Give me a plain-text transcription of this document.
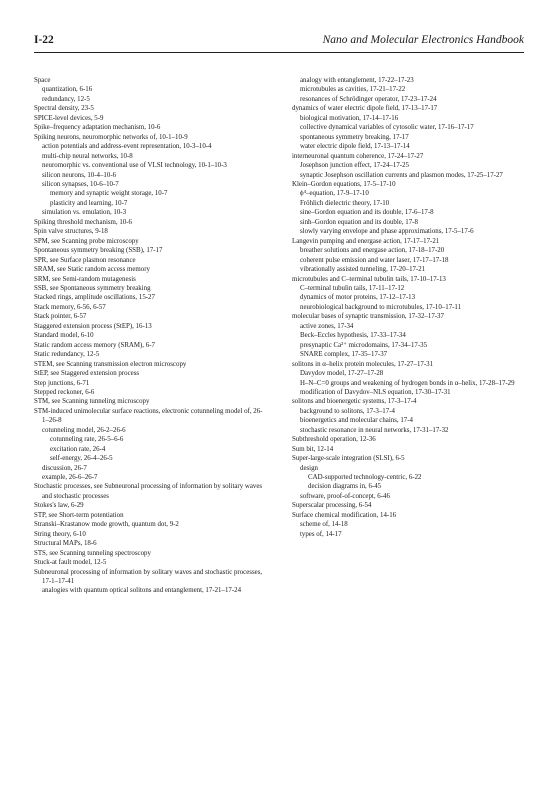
I-22	Nano and Molecular Electronics Handbook
Space
quantization, 6-16
redundancy, 12-5
Spectral density, 23-5
SPICE-level devices, 5-9
Spike–frequency adaptation mechanism, 10-6
Spiking neurons, neuromorphic networks of, 10-1–10-9
action potentials and address-event representation, 10-3–10-4
multi-chip neural networks, 10-8
neuromorphic vs. conventional use of VLSI technology, 10-1–10-3
silicon neurons, 10-4–10-6
silicon synapses, 10-6–10-7
memory and synaptic weight storage, 10-7
plasticity and learning, 10-7
simulation vs. emulation, 10-3
Spiking threshold mechanism, 10-6
Spin valve structures, 9-18
SPM, see Scanning probe microscopy
Spontaneous symmetry breaking (SSB), 17-17
SPR, see Surface plasmon resonance
SRAM, see Static random access memory
SRM, see Semi-random mutagenesis
SSB, see Spontaneous symmetry breaking
Stacked rings, amplitude oscillations, 15-27
Stack memory, 6-56, 6-57
Stack pointer, 6-57
Staggered extension process (StEP), 16-13
Standard model, 6-10
Static random access memory (SRAM), 6-7
Static redundancy, 12-5
STEM, see Scanning transmission electron microscopy
StEP, see Staggered extension process
Step junctions, 6-71
Stepped reckoner, 6-6
STM, see Scanning tunneling microscopy
STM-induced unimolecular surface reactions, electronic cotunneling model of, 26-1–26-8
cotunneling model, 26-2–26-6
cotunneling rate, 26-5–6-6
excitation rate, 26-4
self-energy, 26-4–26-5
discussion, 26-7
example, 26-6–26-7
Stochastic processes, see Subneuronal processing of information by solitary waves and stochastic processes
Stokes's law, 6-29
STP, see Short-term potentiation
Stranski–Krastanow mode growth, quantum dot, 9-2
String theory, 6-10
Structural MAPs, 18-6
STS, see Scanning tunneling spectroscopy
Stuck-at fault model, 12-5
Subneuronal processing of information by solitary waves and stochastic processes, 17-1–17-41
analogies with quantum optical solitons and entanglement, 17-21–17-24
analogy with entanglement, 17-22–17-23
microtubules as cavities, 17-21–17-22
resonances of Schrödinger operator, 17-23–17-24
dynamics of water electric dipole field, 17-13–17-17
biological motivation, 17-14–17-16
collective dynamical variables of cytosolic water, 17-16–17-17
spontaneous symmetry breaking, 17-17
water electric dipole field, 17-13–17-14
interneuronal quantum coherence, 17-24–17-27
Josephson junction effect, 17-24–17-25
synaptic Josephson oscillation currents and plasmon modes, 17-25–17-27
Klein–Gordon equations, 17-5–17-10
ϕ⁴–equation, 17-9–17-10
Fröhlich dielectric theory, 17-10
sine–Gordon equation and its double, 17-6–17-8
sinh–Gordon equation and its double, 17-8
slowly varying envelope and phase approximations, 17-5–17-6
Langevin pumping and energase action, 17-17–17-21
breather solutions and energase action, 17-18–17-20
coherent pulse emission and water laser, 17-17–17-18
vibrationally assisted tunneling, 17-20–17-21
microtubules and C–terminal tubulin tails, 17-10–17-13
C–terminal tubulin tails, 17-11–17-12
dynamics of motor proteins, 17-12–17-13
neurobiological background to microtubules, 17-10–17-11
molecular bases of synaptic transmission, 17-32–17-37
active zones, 17-34
Beck–Eccles hypothesis, 17-33–17-34
presynaptic Ca²⁺ microdomains, 17-34–17-35
SNARE complex, 17-35–17-37
solitons in α–helix protein molecules, 17-27–17-31
Davydov model, 17-27–17-28
H–N–C=0 groups and weakening of hydrogen bonds in α–helix, 17-28–17-29
modification of Davydov–NLS equation, 17-30–17-31
solitons and bioenergetic systems, 17-3–17-4
background to solitons, 17-3–17-4
bioenergetics and molecular chains, 17-4
stochastic resonance in neural networks, 17-31–17-32
Subthreshold operation, 12-36
Sum bit, 12-14
Super-large-scale integration (SLSI), 6-5
design
CAD-supported technology-centric, 6-22
decision diagrams in, 6-45
software, proof-of-concept, 6-46
Superscalar processing, 6-54
Surface chemical modification, 14-16
scheme of, 14-18
types of, 14-17
